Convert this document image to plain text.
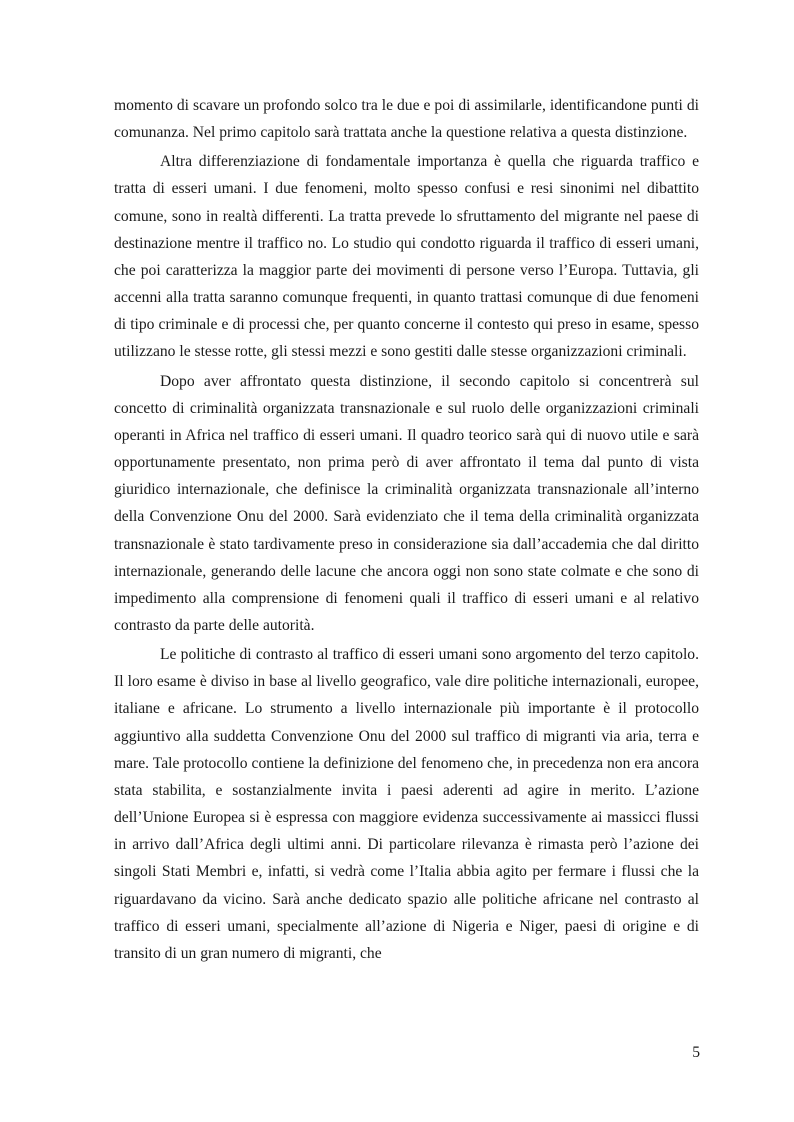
momento di scavare un profondo solco tra le due e poi di assimilarle, identificandone punti di comunanza. Nel primo capitolo sarà trattata anche la questione relativa a questa distinzione.

Altra differenziazione di fondamentale importanza è quella che riguarda traffico e tratta di esseri umani. I due fenomeni, molto spesso confusi e resi sinonimi nel dibattito comune, sono in realtà differenti. La tratta prevede lo sfruttamento del migrante nel paese di destinazione mentre il traffico no. Lo studio qui condotto riguarda il traffico di esseri umani, che poi caratterizza la maggior parte dei movimenti di persone verso l’Europa. Tuttavia, gli accenni alla tratta saranno comunque frequenti, in quanto trattasi comunque di due fenomeni di tipo criminale e di processi che, per quanto concerne il contesto qui preso in esame, spesso utilizzano le stesse rotte, gli stessi mezzi e sono gestiti dalle stesse organizzazioni criminali.

Dopo aver affrontato questa distinzione, il secondo capitolo si concentrerà sul concetto di criminalità organizzata transnazionale e sul ruolo delle organizzazioni criminali operanti in Africa nel traffico di esseri umani. Il quadro teorico sarà qui di nuovo utile e sarà opportunamente presentato, non prima però di aver affrontato il tema dal punto di vista giuridico internazionale, che definisce la criminalità organizzata transnazionale all’interno della Convenzione Onu del 2000. Sarà evidenziato che il tema della criminalità organizzata transnazionale è stato tardivamente preso in considerazione sia dall’accademia che dal diritto internazionale, generando delle lacune che ancora oggi non sono state colmate e che sono di impedimento alla comprensione di fenomeni quali il traffico di esseri umani e al relativo contrasto da parte delle autorità.

Le politiche di contrasto al traffico di esseri umani sono argomento del terzo capitolo. Il loro esame è diviso in base al livello geografico, vale dire politiche internazionali, europee, italiane e africane. Lo strumento a livello internazionale più importante è il protocollo aggiuntivo alla suddetta Convenzione Onu del 2000 sul traffico di migranti via aria, terra e mare. Tale protocollo contiene la definizione del fenomeno che, in precedenza non era ancora stata stabilita, e sostanzialmente invita i paesi aderenti ad agire in merito. L’azione dell’Unione Europea si è espressa con maggiore evidenza successivamente ai massicci flussi in arrivo dall’Africa degli ultimi anni. Di particolare rilevanza è rimasta però l’azione dei singoli Stati Membri e, infatti, si vedrà come l’Italia abbia agito per fermare i flussi che la riguardavano da vicino. Sarà anche dedicato spazio alle politiche africane nel contrasto al traffico di esseri umani, specialmente all’azione di Nigeria e Niger, paesi di origine e di transito di un gran numero di migranti, che

5
